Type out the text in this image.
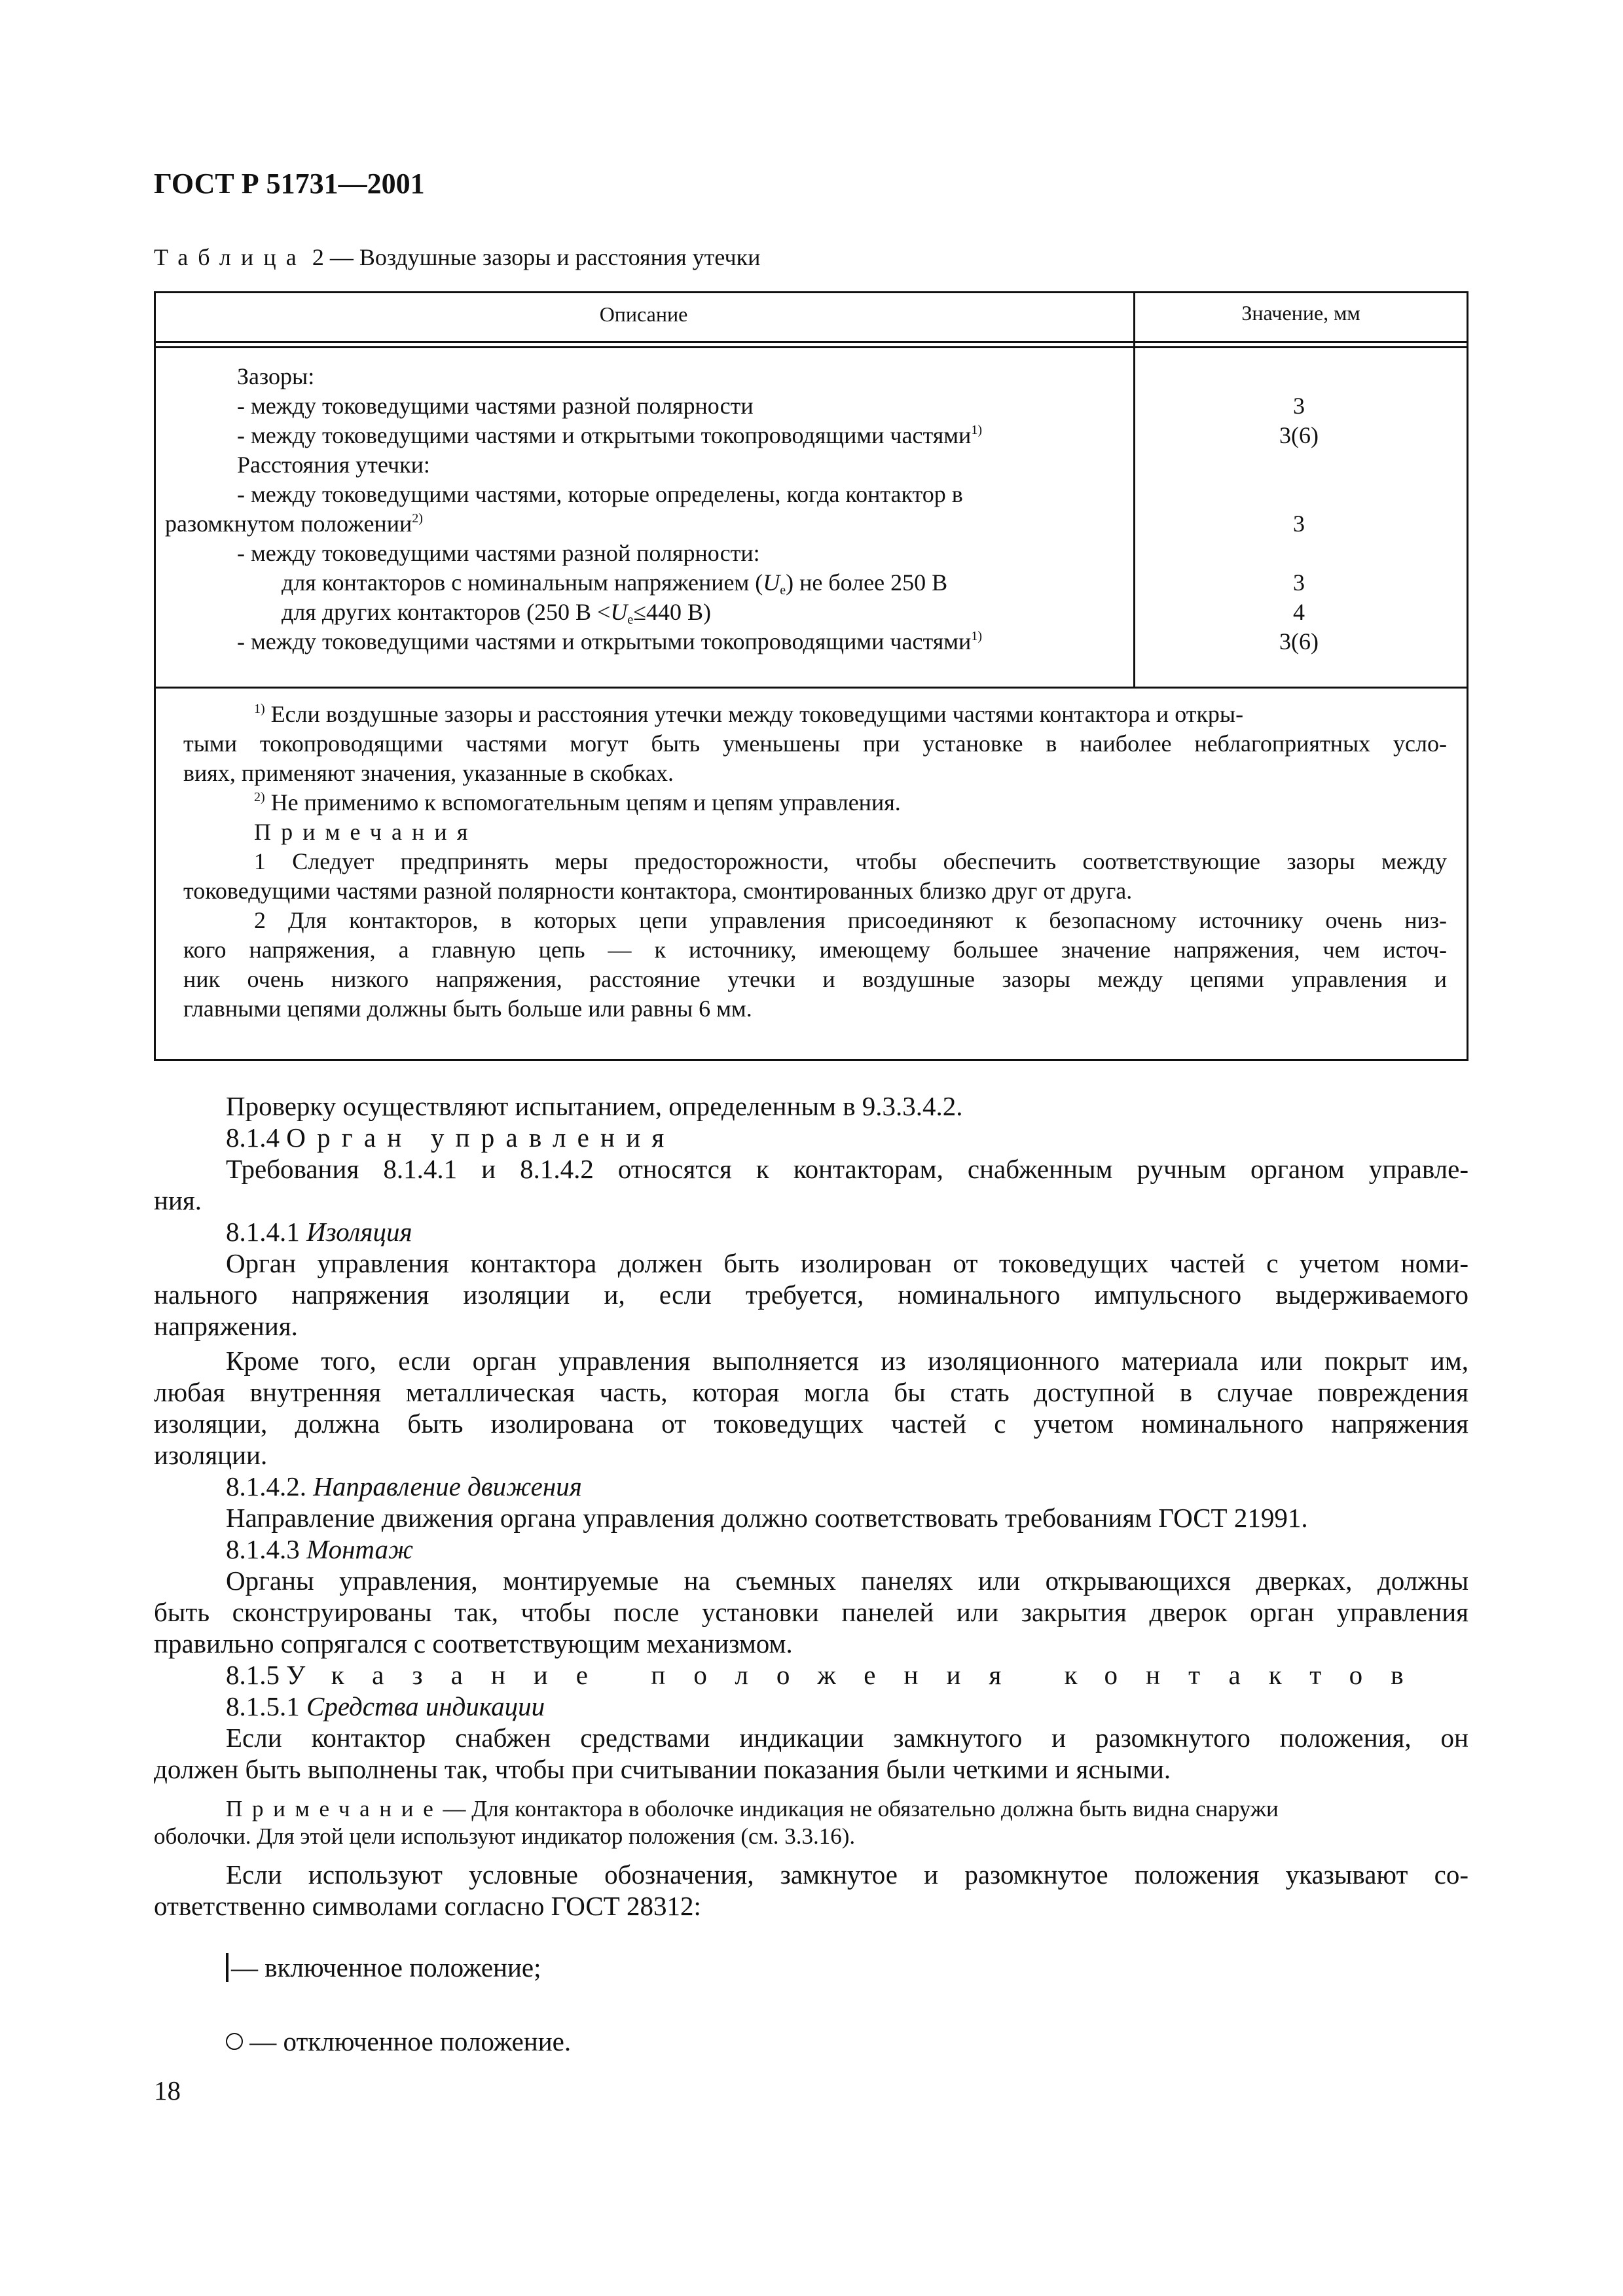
ГОСТ Р 51731—2001
Таблица 2 — Воздушные зазоры и расстояния утечки
Описание	Значение, мм
Зазоры:
- между токоведущими частями разной полярности	3
- между токоведущими частями и открытыми токопроводящими частями$^{1)}$	3(6)
Расстояния утечки:
- между токоведущими частями, которые определены, когда контактор в
разомкнутом положении$^{2)}$	3
- между токоведущими частями разной полярности:
для контакторов с номинальным напряжением $(U_e)$ не более 250 В	3
для других контакторов (250 $В <U_e\le 440$ В)	4
- между токоведущими частями и открытыми токопроводящими частями$^{1)}$	3(6)
$^{1)}$ Если воздушные зазоры и расстояния утечки между токоведущими частями контактора и откры-
тыми токопроводящими частями могут быть уменьшены при установке в наиболее неблагоприятных усло-
виях, применяют значения, указанные в скобках.
$^{2)}$ Не применимо к вспомогательным цепям и цепям управления.
Примечания
1 Следует предпринять меры предосторожности, чтобы обеспечить соответствующие зазоры между
токоведущими частями разной полярности контактора, смонтированных близко друг от друга.
2 Для контакторов, в которых цепи управления присоединяют к безопасному источнику очень низ-
кого напряжения, а главную цепь — к источнику, имеющему большее значение напряжения, чем источ-
ник очень низкого напряжения, расстояние утечки и воздушные зазоры между цепями управления и
главными цепями должны быть больше или равны 6 мм.
Проверку осуществляют испытанием, определенным в 9.3.3.4.2.
8.1.4 Орган управления
Требования 8.1.4.1 и 8.1.4.2 относятся к контакторам, снабженным ручным органом управле-
ния.
8.1.4.1 Изоляция
Орган управления контактора должен быть изолирован от токоведущих частей с учетом номи-
нального напряжения изоляции и, если требуется, номинального импульсного выдерживаемого
напряжения.
Кроме того, если орган управления выполняется из изоляционного материала или покрыт им,
любая внутренняя металлическая часть, которая могла бы стать доступной в случае повреждения
изоляции, должна быть изолирована от токоведущих частей с учетом номинального напряжения
изоляции.
8.1.4.2. Направление движения
Направление движения органа управления должно соответствовать требованиям ГОСТ 21991.
8.1.4.3 Монтаж
Органы управления, монтируемые на съемных панелях или открывающихся дверках, должны
быть сконструированы так, чтобы после установки панелей или закрытия дверок орган управления
правильно сопрягался с соответствующим механизмом.
8.1.5 Указание положения контактов
8.1.5.1 Средства индикации
Если контактор снабжен средствами индикации замкнутого и разомкнутого положения, он
должен быть выполнены так, чтобы при считывании показания были четкими и ясными.
Примечание— Для контактора в оболочке индикация не обязательно должна быть видна снаружи
оболочки. Для этой цели используют индикатор положения (см. 3.3.16).
Если используют условные обозначения, замкнутое и разомкнутое положения указывают со-
ответственно символами согласно ГОСТ 28312:
— включенное положение;
— отключенное положение.
18
